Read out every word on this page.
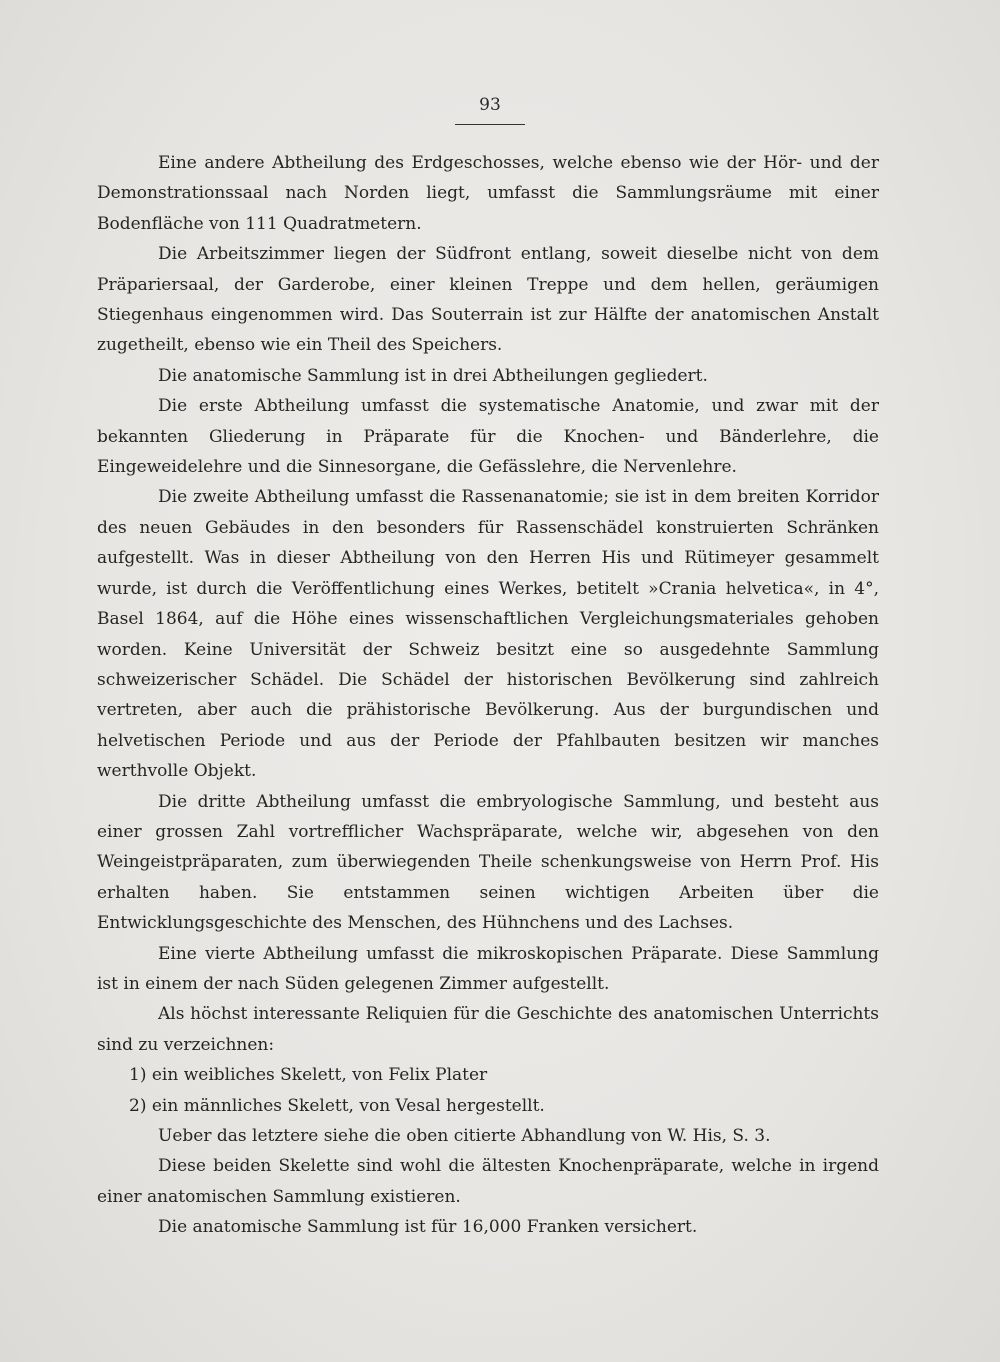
93

Eine andere Abtheilung des Erdgeschosses, welche ebenso wie der Hör- und der Demonstrationssaal nach Norden liegt, umfasst die Sammlungsräume mit einer Bodenfläche von 111 Quadratmetern.

Die Arbeitszimmer liegen der Südfront entlang, soweit dieselbe nicht von dem Präpariersaal, der Garderobe, einer kleinen Treppe und dem hellen, geräumigen Stiegenhaus eingenommen wird. Das Souterrain ist zur Hälfte der anatomischen Anstalt zugetheilt, ebenso wie ein Theil des Speichers.

Die anatomische Sammlung ist in drei Abtheilungen gegliedert.

Die erste Abtheilung umfasst die systematische Anatomie, und zwar mit der bekannten Gliederung in Präparate für die Knochen- und Bänderlehre, die Eingeweidelehre und die Sinnesorgane, die Gefässlehre, die Nervenlehre.

Die zweite Abtheilung umfasst die Rassenanatomie; sie ist in dem breiten Korridor des neuen Gebäudes in den besonders für Rassenschädel konstruierten Schränken aufgestellt. Was in dieser Abtheilung von den Herren His und Rütimeyer gesammelt wurde, ist durch die Veröffentlichung eines Werkes, betitelt »Crania helvetica«, in 4°, Basel 1864, auf die Höhe eines wissenschaftlichen Vergleichungsmateriales gehoben worden. Keine Universität der Schweiz besitzt eine so ausgedehnte Sammlung schweizerischer Schädel. Die Schädel der historischen Bevölkerung sind zahlreich vertreten, aber auch die prähistorische Bevölkerung. Aus der burgundischen und helvetischen Periode und aus der Periode der Pfahlbauten besitzen wir manches werthvolle Objekt.

Die dritte Abtheilung umfasst die embryologische Sammlung, und besteht aus einer grossen Zahl vortrefflicher Wachspräparate, welche wir, abgesehen von den Weingeistpräparaten, zum überwiegenden Theile schenkungsweise von Herrn Prof. His erhalten haben. Sie entstammen seinen wichtigen Arbeiten über die Entwicklungsgeschichte des Menschen, des Hühnchens und des Lachses.

Eine vierte Abtheilung umfasst die mikroskopischen Präparate. Diese Sammlung ist in einem der nach Süden gelegenen Zimmer aufgestellt.

Als höchst interessante Reliquien für die Geschichte des anatomischen Unterrichts sind zu verzeichnen:

1) ein weibliches Skelett, von Felix Plater

2) ein männliches Skelett, von Vesal hergestellt.

Ueber das letztere siehe die oben citierte Abhandlung von W. His, S. 3.

Diese beiden Skelette sind wohl die ältesten Knochenpräparate, welche in irgend einer anatomischen Sammlung existieren.

Die anatomische Sammlung ist für 16,000 Franken versichert.
